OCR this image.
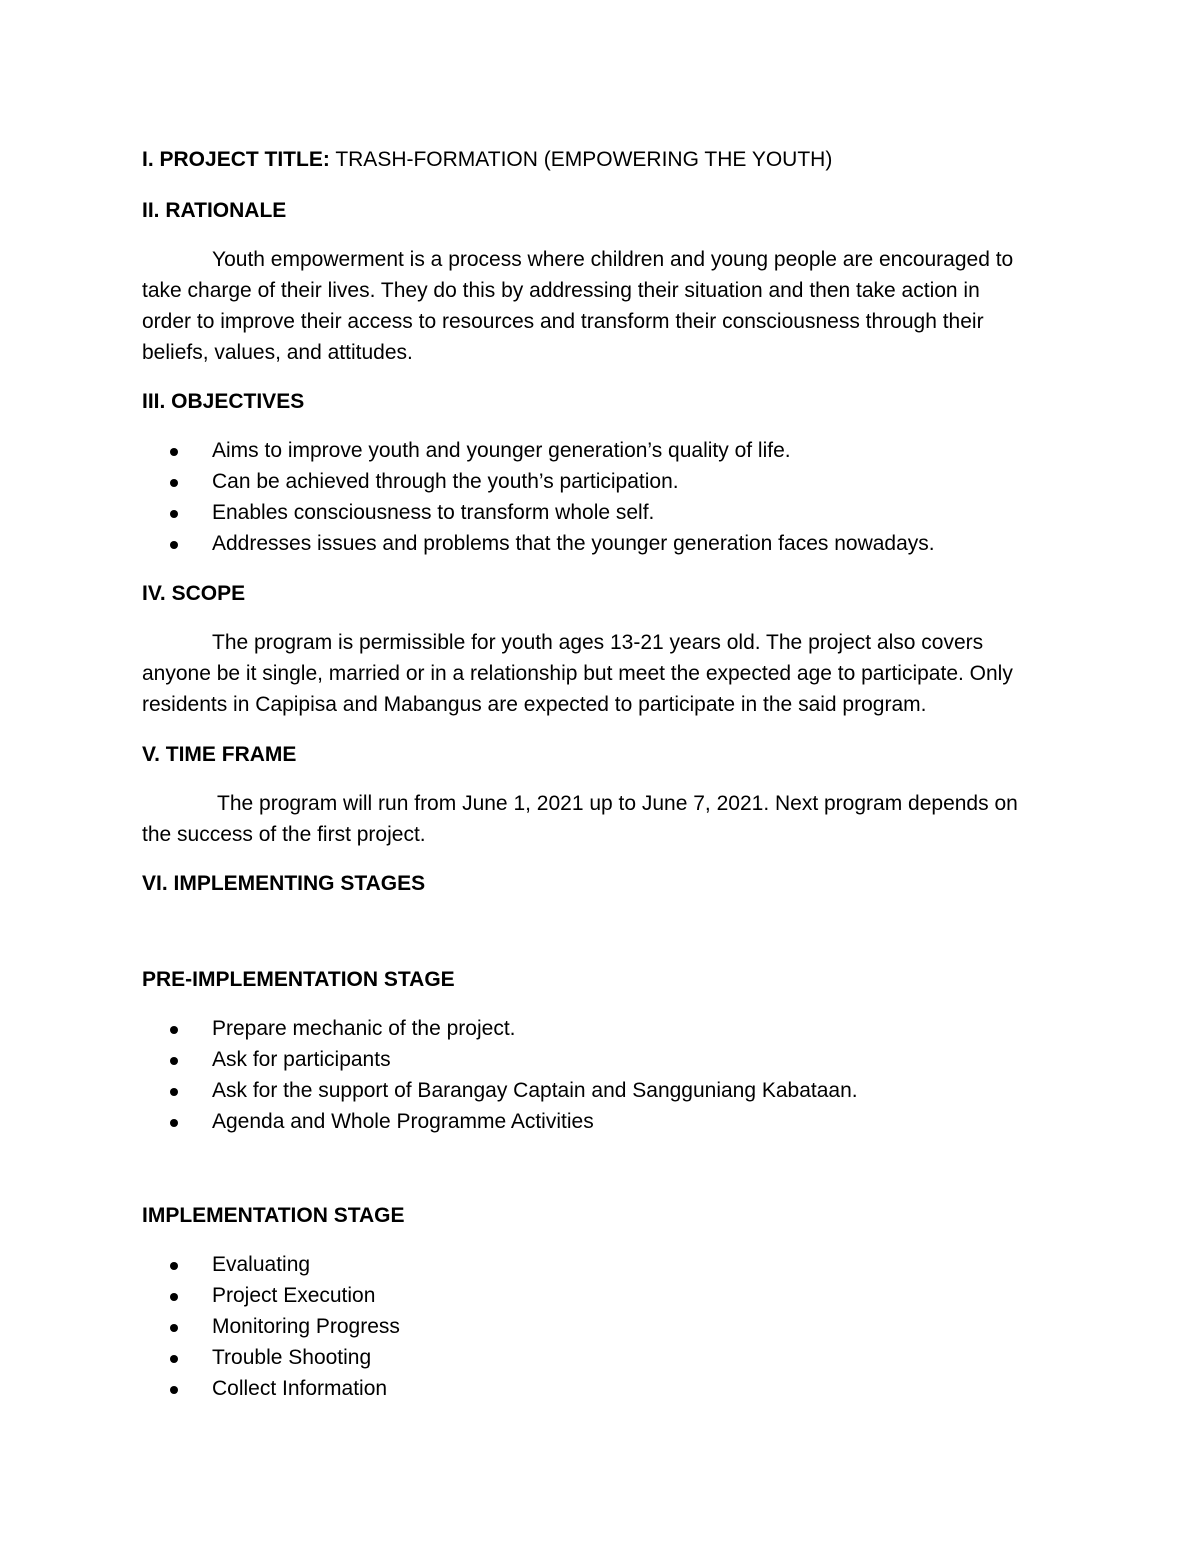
I. PROJECT TITLE: TRASH-FORMATION (EMPOWERING THE YOUTH)
II. RATIONALE
Youth empowerment is a process where children and young people are encouraged to
take charge of their lives. They do this by addressing their situation and then take action in
order to improve their access to resources and transform their consciousness through their
beliefs, values, and attitudes.
III. OBJECTIVES
Aims to improve youth and younger generation’s quality of life.
Can be achieved through the youth’s participation.
Enables consciousness to transform whole self.
Addresses issues and problems that the younger generation faces nowadays.
IV. SCOPE
The program is permissible for youth ages 13-21 years old. The project also covers
anyone be it single, married or in a relationship but meet the expected age to participate. Only
residents in Capipisa and Mabangus are expected to participate in the said program.
V. TIME FRAME
The program will run from June 1, 2021 up to June 7, 2021. Next program depends on
the success of the first project.
VI. IMPLEMENTING STAGES
PRE-IMPLEMENTATION STAGE
Prepare mechanic of the project.
Ask for participants
Ask for the support of Barangay Captain and Sangguniang Kabataan.
Agenda and Whole Programme Activities
IMPLEMENTATION STAGE
Evaluating
Project Execution
Monitoring Progress
Trouble Shooting
Collect Information
